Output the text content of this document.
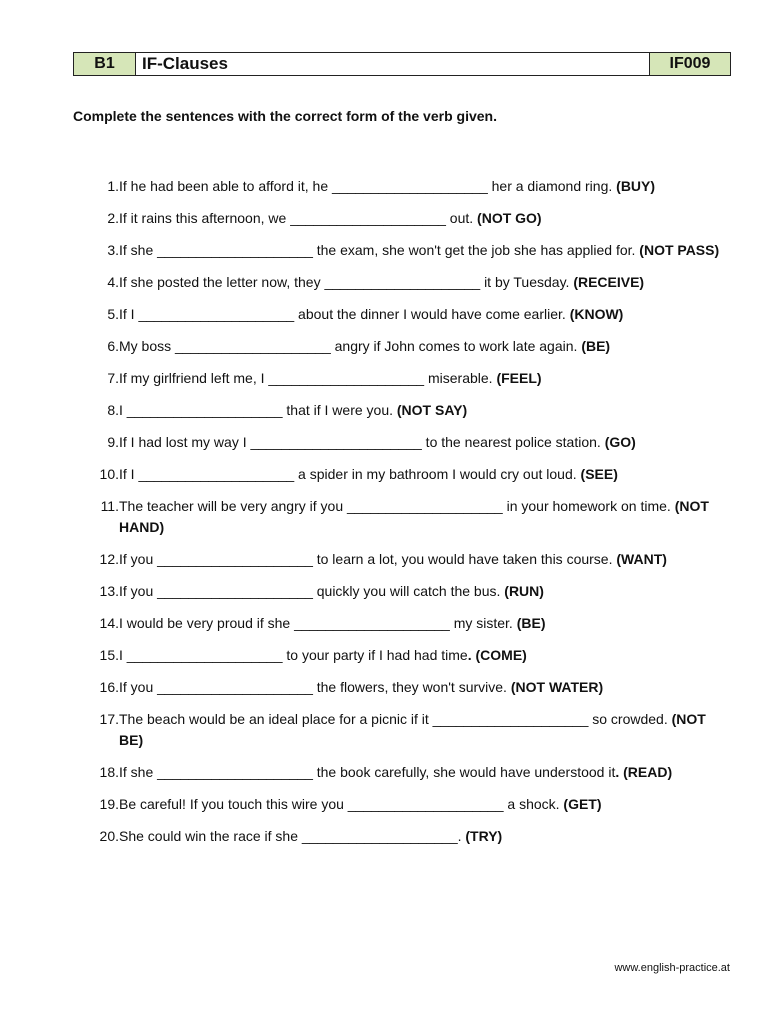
B1	IF-Clauses	IF009
Complete the sentences with the correct form of the verb given.
1. If he had been able to afford it, he ____________________ her a diamond ring. (BUY)
2. If it rains this afternoon, we ____________________ out. (NOT GO)
3. If she ____________________ the exam, she won't get the job she has applied for. (NOT PASS)
4. If she posted the letter now, they ____________________ it by Tuesday. (RECEIVE)
5. If I ____________________ about the dinner I would have come earlier. (KNOW)
6. My boss ____________________ angry if John comes to work late again. (BE)
7. If my girlfriend left me, I ____________________ miserable. (FEEL)
8. I ____________________ that if I were you. (NOT SAY)
9. If I had lost my way I ______________________ to the nearest police station. (GO)
10. If I ____________________ a spider in my bathroom I would cry out loud. (SEE)
11. The teacher will be very angry if you ____________________ in your homework on time. (NOT HAND)
12. If you ____________________ to learn a lot, you would have taken this course. (WANT)
13. If you ____________________ quickly you will catch the bus. (RUN)
14. I would be very proud if she ____________________ my sister. (BE)
15. I ____________________ to your party if I had had time. (COME)
16. If you ____________________ the flowers, they won't survive. (NOT WATER)
17. The beach would be an ideal place for a picnic if it ____________________ so crowded. (NOT BE)
18. If she ____________________ the book carefully, she would have understood it. (READ)
19. Be careful! If you touch this wire you ____________________ a shock. (GET)
20. She could win the race if she ____________________. (TRY)
www.english-practice.at
